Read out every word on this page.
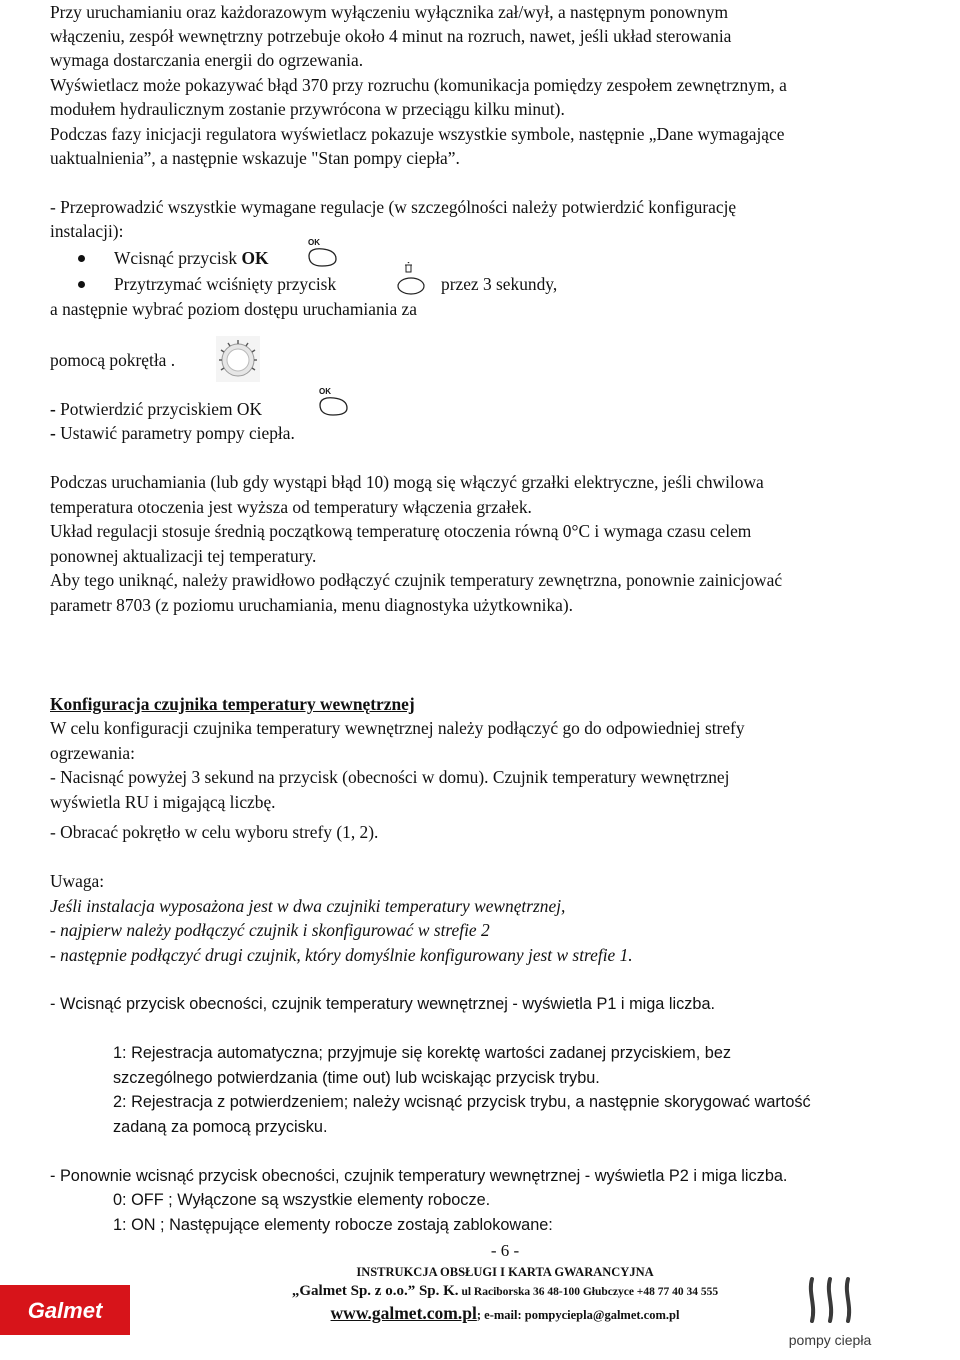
Przy uruchamianiu oraz każdorazowym wyłączeniu wyłącznika zał/wył, a następnym ponownym
włączeniu, zespół wewnętrzny potrzebuje około 4 minut na rozruch, nawet, jeśli układ sterowania
wymaga dostarczania energii do ogrzewania.
Wyświetlacz może pokazywać błąd 370 przy rozruchu (komunikacja pomiędzy zespołem zewnętrznym, a
modułem hydraulicznym zostanie przywrócona w przeciągu kilku minut).
Podczas fazy inicjacji regulatora wyświetlacz pokazuje wszystkie symbole, następnie „Dane wymagające
uaktualnienia”, a następnie wskazuje "Stan pompy ciepła”.
- Przeprowadzić wszystkie wymagane regulacje (w szczególności należy potwierdzić konfigurację
instalacji):
Wcisnąć przycisk OK
OK
Przytrzymać wciśnięty przycisk	przez 3 sekundy,
a następnie wybrać poziom dostępu uruchamiania za
pomocą pokrętła .
- Potwierdzić przyciskiem OK
OK
- Ustawić parametry pompy ciepła.
Podczas uruchamiania (lub gdy wystąpi błąd 10) mogą się włączyć grzałki elektryczne, jeśli chwilowa
temperatura otoczenia jest wyższa od temperatury włączenia grzałek.
Układ regulacji stosuje średnią początkową temperaturę otoczenia równą 0°C i wymaga czasu celem
ponownej aktualizacji tej temperatury.
Aby tego uniknąć, należy prawidłowo podłączyć czujnik temperatury zewnętrzna, ponownie zainicjować
parametr 8703 (z poziomu uruchamiania, menu diagnostyka użytkownika).
Konfiguracja czujnika temperatury wewnętrznej
W celu konfiguracji czujnika temperatury wewnętrznej należy podłączyć go do odpowiedniej strefy
ogrzewania:
- Nacisnąć powyżej 3 sekund na przycisk (obecności w domu). Czujnik temperatury wewnętrznej
wyświetla RU i migającą liczbę.
- Obracać pokrętło w celu wyboru strefy (1, 2).
Uwaga:
Jeśli instalacja wyposażona jest w dwa czujniki temperatury wewnętrznej,
- najpierw należy podłączyć czujnik i skonfigurować w strefie 2
- następnie podłączyć drugi czujnik, który domyślnie konfigurowany jest w strefie 1.
- Wcisnąć przycisk obecności, czujnik temperatury wewnętrznej - wyświetla P1 i miga liczba.
1: Rejestracja automatyczna; przyjmuje się korektę wartości zadanej przyciskiem, bez
szczególnego potwierdzania (time out) lub wciskając przycisk trybu.
2: Rejestracja z potwierdzeniem; należy wcisnąć przycisk trybu, a następnie skorygować wartość
zadaną za pomocą przycisku.
- Ponownie wcisnąć przycisk obecności, czujnik temperatury wewnętrznej - wyświetla P2 i miga liczba.
0: OFF ; Wyłączone są wszystkie elementy robocze.
1: ON ; Następujące elementy robocze zostają zablokowane:
- 6 -
INSTRUKCJA OBSŁUGI I KARTA GWARANCYJNA
„Galmet Sp. z o.o.” Sp. K. ul Raciborska 36 48-100 Głubczyce +48 77 40 34 555
www.galmet.com.pl; e-mail: pompyciepla@galmet.com.pl
Galmet
pompy ciepła
